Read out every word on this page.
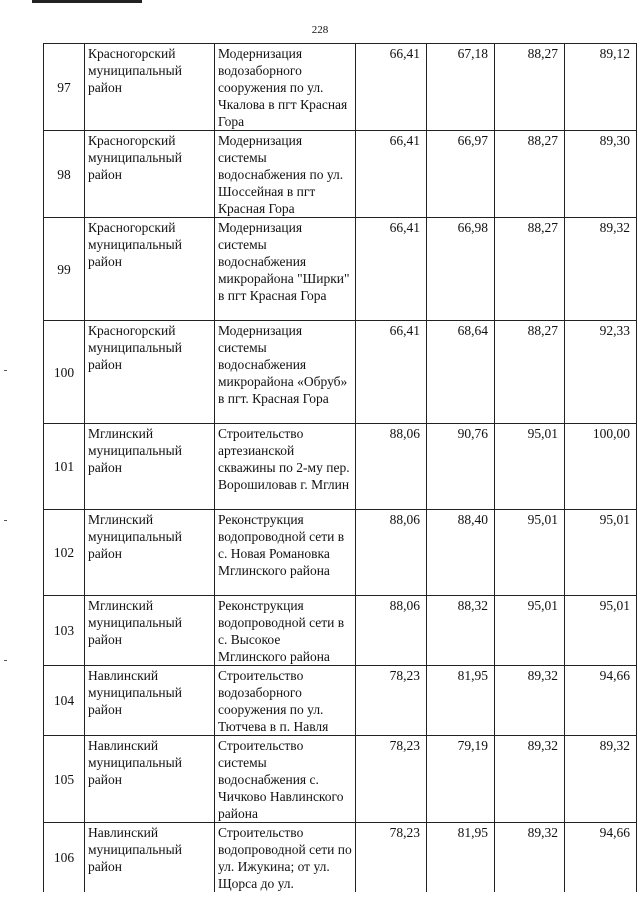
228
97	Красногорский муниципальный район	Модернизация водозаборного сооружения по ул. Чкалова в пгт Красная Гора	66,41	67,18	88,27	89,12
98	Красногорский муниципальный район	Модернизация системы водоснабжения по ул. Шоссейная в пгт Красная Гора	66,41	66,97	88,27	89,30
99	Красногорский муниципальный район	Модернизация системы водоснабжения микрорайона "Ширки" в пгт Красная Гора	66,41	66,98	88,27	89,32
100	Красногорский муниципальный район	Модернизация системы водоснабжения микрорайона «Обруб» в пгт. Красная Гора	66,41	68,64	88,27	92,33
101	Мглинский муниципальный район	Строительство артезианской скважины по 2-му пер. Ворошиловав г. Мглин	88,06	90,76	95,01	100,00
102	Мглинский муниципальный район	Реконструкция водопроводной сети в с. Новая Романовка Мглинского района	88,06	88,40	95,01	95,01
103	Мглинский муниципальный район	Реконструкция водопроводной сети в с. Высокое Мглинского района	88,06	88,32	95,01	95,01
104	Навлинский муниципальный район	Строительство водозаборного сооружения по ул. Тютчева в п. Навля	78,23	81,95	89,32	94,66
105	Навлинский муниципальный район	Строительство системы водоснабжения с. Чичково Навлинского района	78,23	79,19	89,32	89,32
106	Навлинский муниципальный район	Строительство водопроводной сети по ул. Ижукина; от ул. Щорса до ул.	78,23	81,95	89,32	94,66
